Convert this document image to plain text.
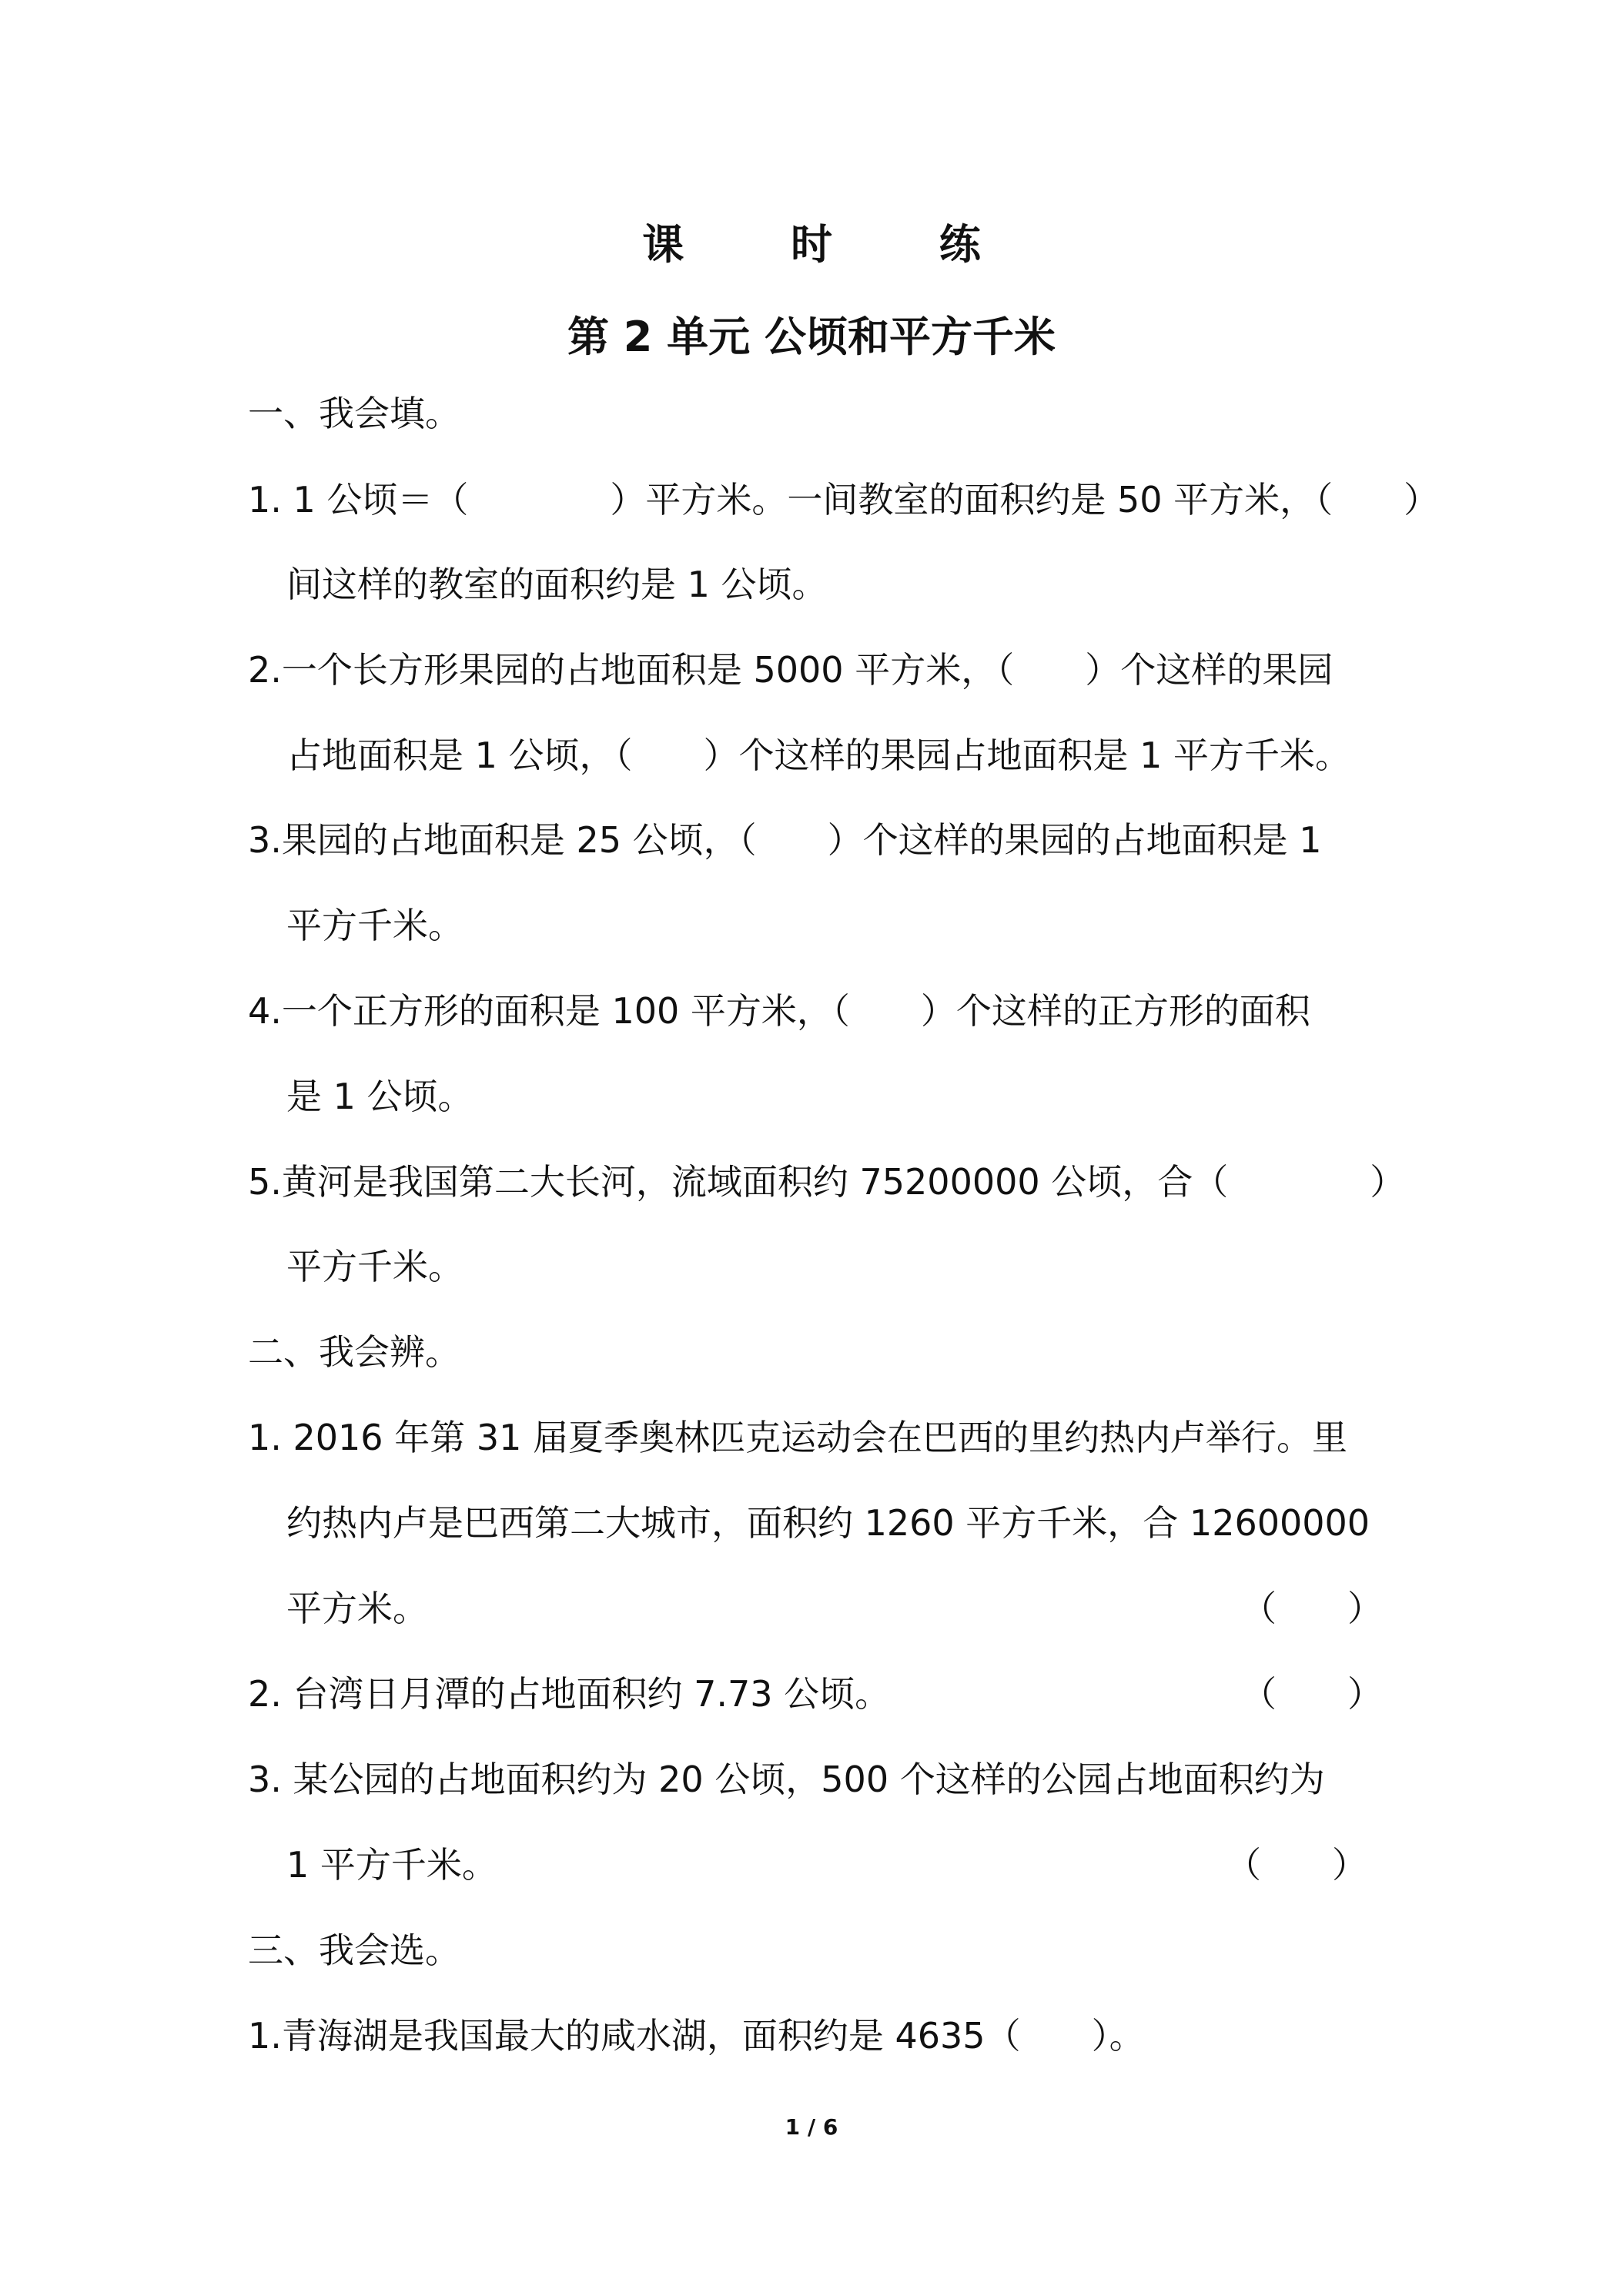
课 时 练
第 2 单元 公顷和平方千米
一、我会填。
1. 1 公顷＝（　　　　）平方米。一间教室的面积约是 50 平方米，（　　）
间这样的教室的面积约是 1 公顷。
2.一个长方形果园的占地面积是 5000 平方米，（　　）个这样的果园
占地面积是 1 公顷，（　　）个这样的果园占地面积是 1 平方千米。
3.果园的占地面积是 25 公顷，（　　）个这样的果园的占地面积是 1
平方千米。
4.一个正方形的面积是 100 平方米，（　　）个这样的正方形的面积
是 1 公顷。
5.黄河是我国第二大长河，流域面积约 75200000 公顷，合（　　　　）
平方千米。
二、我会辨。
1. 2016 年第 31 届夏季奥林匹克运动会在巴西的里约热内卢举行。里
约热内卢是巴西第二大城市，面积约 1260 平方千米，合 12600000
平方米。	（　　）
2. 台湾日月潭的占地面积约 7.73 公顷。	（　　）
3. 某公园的占地面积约为 20 公顷，500 个这样的公园占地面积约为
1 平方千米。	（　　）
三、我会选。
1.青海湖是我国最大的咸水湖，面积约是 4635（　　）。
1 / 6
